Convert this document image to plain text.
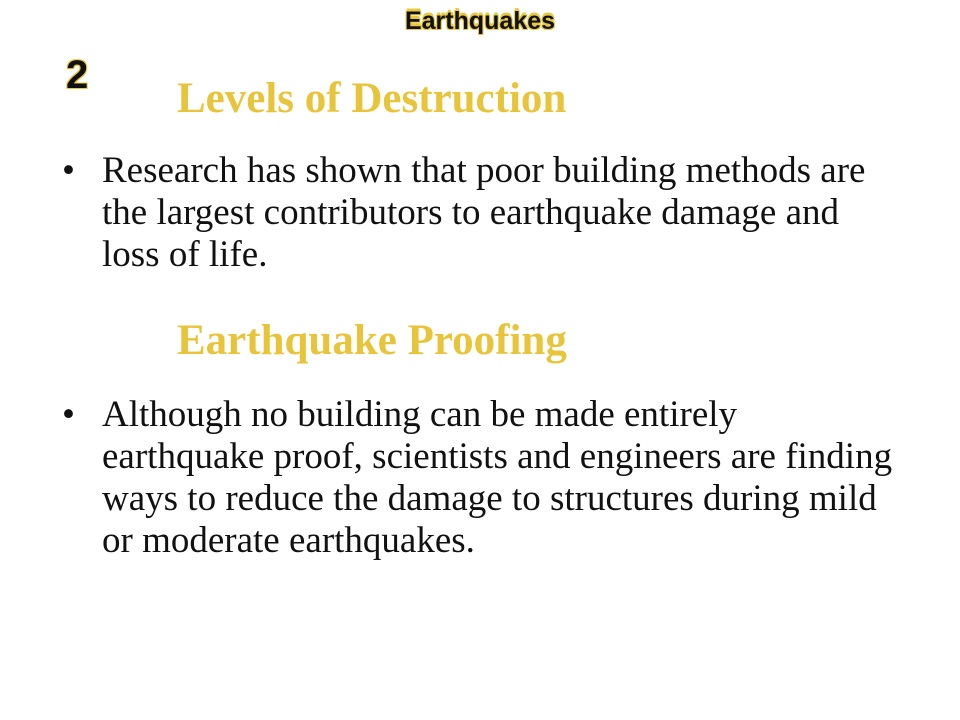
Earthquakes
2 Levels of Destruction
• Research has shown that poor building methods are the largest contributors to earthquake damage and loss of life.
Earthquake Proofing
• Although no building can be made entirely earthquake proof, scientists and engineers are finding ways to reduce the damage to structures during mild or moderate earthquakes.
